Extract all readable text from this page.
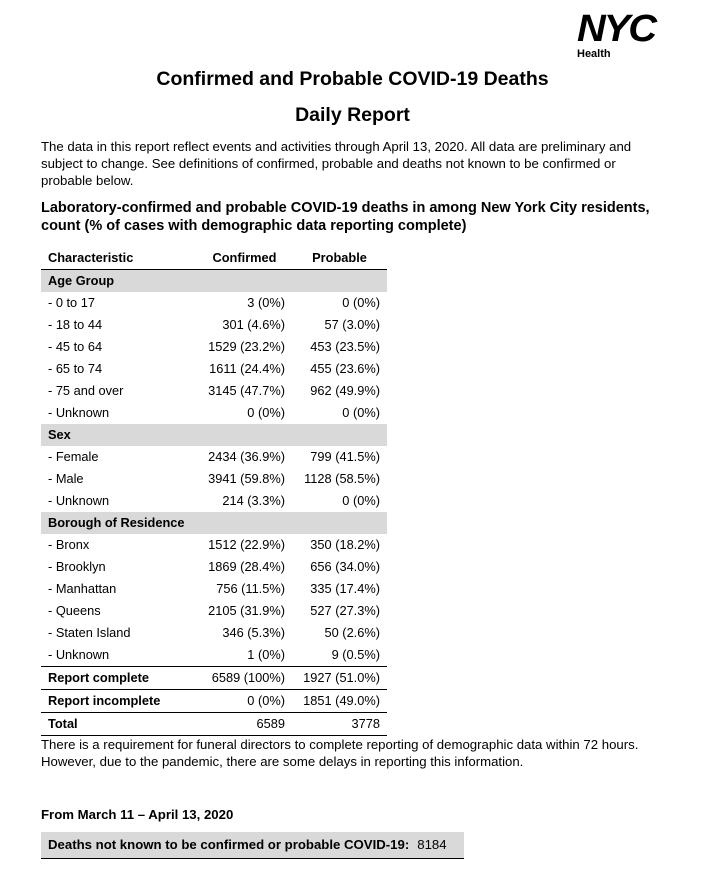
NYC
Health
Confirmed and Probable COVID-19 Deaths
Daily Report
The data in this report reflect events and activities through April 13, 2020. All data are preliminary and subject to change. See definitions of confirmed, probable and deaths not known to be confirmed or probable below.
Laboratory-confirmed and probable COVID-19 deaths in among New York City residents, count (% of cases with demographic data reporting complete)
Characteristic	Confirmed	Probable
Age Group		
- 0 to 17	3 (0%)	0 (0%)
- 18 to 44	301 (4.6%)	57 (3.0%)
- 45 to 64	1529 (23.2%)	453 (23.5%)
- 65 to 74	1611 (24.4%)	455 (23.6%)
- 75 and over	3145 (47.7%)	962 (49.9%)
- Unknown	0 (0%)	0 (0%)
Sex		
- Female	2434 (36.9%)	799 (41.5%)
- Male	3941 (59.8%)	1128 (58.5%)
- Unknown	214 (3.3%)	0 (0%)
Borough of Residence		
- Bronx	1512 (22.9%)	350 (18.2%)
- Brooklyn	1869 (28.4%)	656 (34.0%)
- Manhattan	756 (11.5%)	335 (17.4%)
- Queens	2105 (31.9%)	527 (27.3%)
- Staten Island	346 (5.3%)	50 (2.6%)
- Unknown	1 (0%)	9 (0.5%)
Report complete	6589 (100%)	1927 (51.0%)
Report incomplete	0 (0%)	1851 (49.0%)
Total	6589	3778
There is a requirement for funeral directors to complete reporting of demographic data within 72 hours. However, due to the pandemic, there are some delays in reporting this information.
From March 11 – April 13, 2020
Deaths not known to be confirmed or probable COVID-19: 8184
